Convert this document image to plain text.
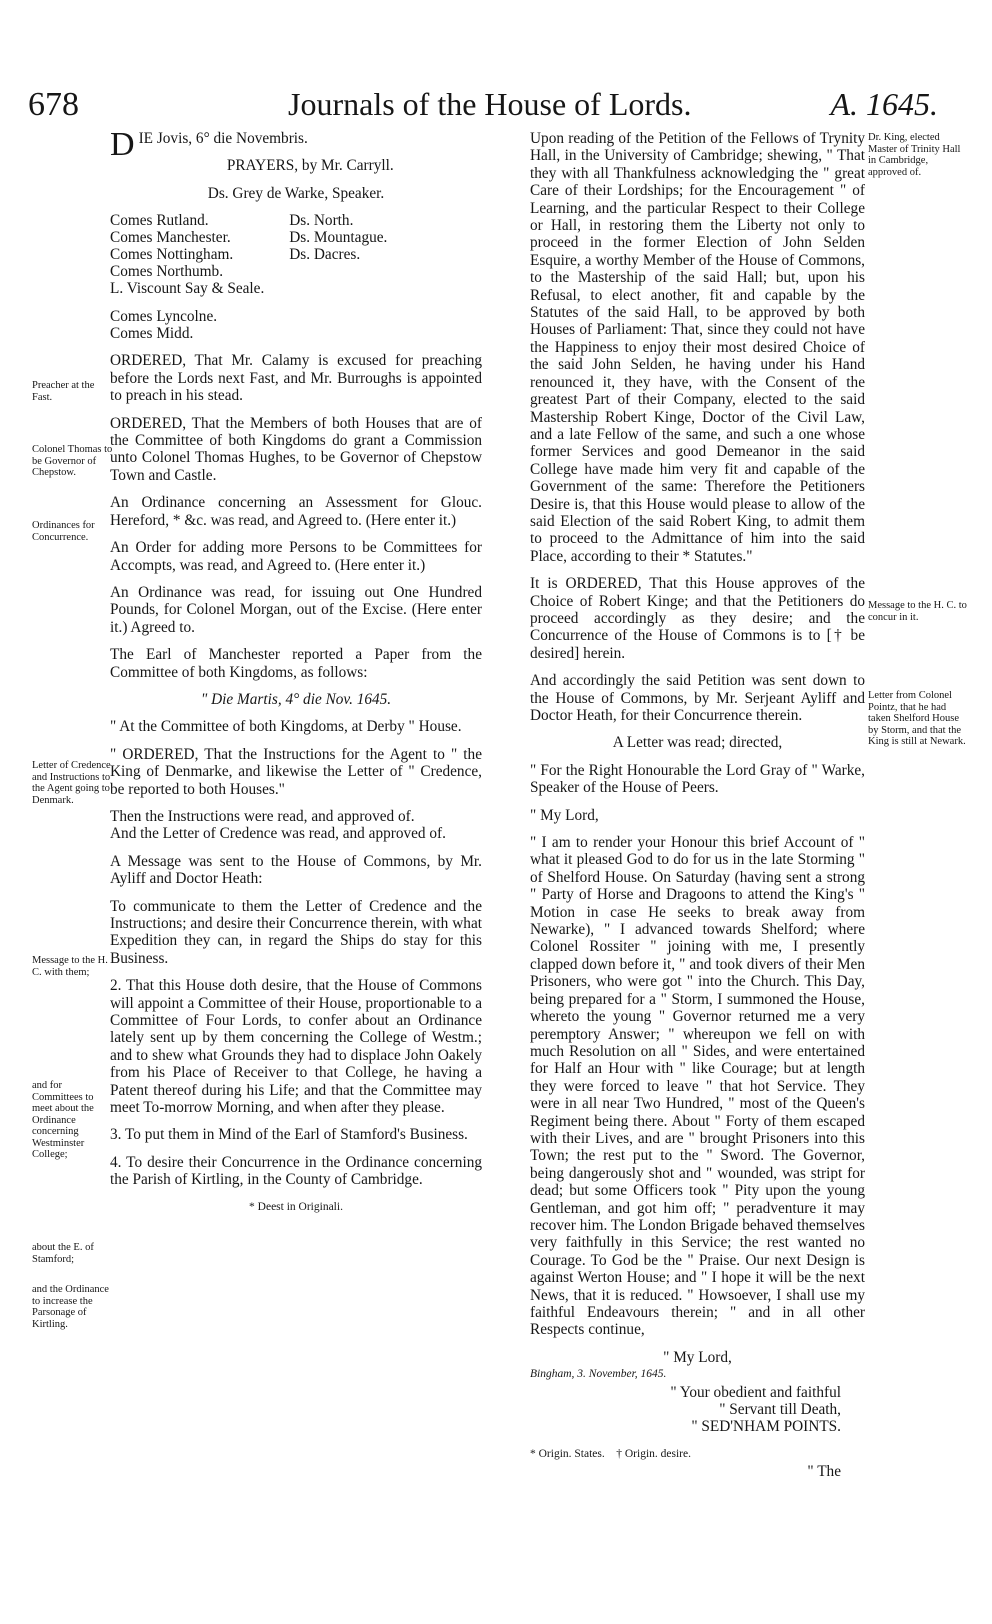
678	Journals of the House of Lords.	A. 1645.
DIE Jovis, 6° die Novembris.
PRAYERS, by Mr. Carryll.
Ds. Grey de Warke, Speaker.
Comes Rutland.
Comes Manchester.
Comes Nottingham.
Comes Northumb.
Ds. North.
Ds. Mountague.
Ds. Dacres.
L. Viscount Say & Seale.
Comes Lyncolne.
Comes Midd.
ORDERED, That Mr. Calamy is excused for preaching before the Lords next Fast, and Mr. Burroughs is appointed to preach in his stead.
ORDERED, That the Members of both Houses that are of the Committee of both Kingdoms do grant a Commission unto Colonel Thomas Hughes, to be Governor of Chepstow Town and Castle.
An Ordinance concerning an Assessment for Glouc. Hereford, * &c. was read, and Agreed to. (Here enter it.)
An Order for adding more Persons to be Committees for Accompts, was read, and Agreed to. (Here enter it.)
An Ordinance was read, for issuing out One Hundred Pounds, for Colonel Morgan, out of the Excise. (Here enter it.) Agreed to.
The Earl of Manchester reported a Paper from the Committee of both Kingdoms, as follows:
" Die Martis, 4° die Nov. 1645.
" At the Committee of both Kingdoms, at Derby " House.
" ORDERED, That the Instructions for the Agent to " the King of Denmarke, and likewise the Letter of " Credence, be reported to both Houses."
Then the Instructions were read, and approved of.
And the Letter of Credence was read, and approved of.
A Message was sent to the House of Commons, by Mr. Ayliff and Doctor Heath:
To communicate to them the Letter of Credence and the Instructions; and desire their Concurrence therein, with what Expedition they can, in regard the Ships do stay for this Business.
2. That this House doth desire, that the House of Commons will appoint a Committee of their House, proportionable to a Committee of Four Lords, to confer about an Ordinance lately sent up by them concerning the College of Westm.; and to shew what Grounds they had to displace John Oakely from his Place of Receiver to that College, he having a Patent thereof during his Life; and that the Committee may meet To-morrow Morning, and when after they please.
3. To put them in Mind of the Earl of Stamford's Business.
4. To desire their Concurrence in the Ordinance concerning the Parish of Kirtling, in the County of Cambridge.
* Deest in Originali.
Preacher at the Fast.
Colonel Thomas to be Governor of Chepstow.
Ordinances for Concurrence.
Letter of Credence and Instructions to the Agent going to Denmark.
Message to the H. C. with them;
and for Committees to meet about the Ordinance concerning Westminster College;
about the E. of Stamford;
and the Ordinance to increase the Parsonage of Kirtling.
Upon reading of the Petition of the Fellows of Trynity Hall, in the University of Cambridge; shewing, " That they with all Thankfulness acknowledging the " great Care of their Lordships; for the Encouragement " of Learning, and the particular Respect to their College or Hall, in restoring them the Liberty not only to proceed in the former Election of John Selden Esquire, a worthy Member of the House of Commons, to the Mastership of the said Hall; but, upon his Refusal, to elect another, fit and capable by the Statutes of the said Hall, to be approved by both Houses of Parliament: That, since they could not have the Happiness to enjoy their most desired Choice of the said John Selden, he having under his Hand renounced it, they have, with the Consent of the greatest Part of their Company, elected to the said Mastership Robert Kinge, Doctor of the Civil Law, and a late Fellow of the same, and such a one whose former Services and good Demeanor in the said College have made him very fit and capable of the Government of the same: Therefore the Petitioners Desire is, that this House would please to allow of the said Election of the said Robert King, to admit them to proceed to the Admittance of him into the said Place, according to their * Statutes."
It is ORDERED, That this House approves of the Choice of Robert Kinge; and that the Petitioners do proceed accordingly as they desire; and the Concurrence of the House of Commons is to [† be desired] herein.
And accordingly the said Petition was sent down to the House of Commons, by Mr. Serjeant Ayliff and Doctor Heath, for their Concurrence therein.
A Letter was read; directed,
" For the Right Honourable the Lord Gray of " Warke, Speaker of the House of Peers.
" My Lord,
" I am to render your Honour this brief Account of " what it pleased God to do for us in the late Storming " of Shelford House. On Saturday (having sent a strong " Party of Horse and Dragoons to attend the King's " Motion in case He seeks to break away from Newarke), " I advanced towards Shelford; where Colonel Rossiter " joining with me, I presently clapped down before it, " and took divers of their Men Prisoners, who were got " into the Church. This Day, being prepared for a " Storm, I summoned the House, whereto the young " Governor returned me a very peremptory Answer; " whereupon we fell on with much Resolution on all " Sides, and were entertained for Half an Hour with " like Courage; but at length they were forced to leave " that hot Service. They were in all near Two Hundred, " most of the Queen's Regiment being there. About " Forty of them escaped with their Lives, and are " brought Prisoners into this Town; the rest put to the " Sword. The Governor, being dangerously shot and " wounded, was stript for dead; but some Officers took " Pity upon the young Gentleman, and got him off; " peradventure it may recover him. The London Brigade behaved themselves very faithfully in this Service; the rest wanted no Courage. To God be the " Praise. Our next Design is against Werton House; and " I hope it will be the next News, that it is reduced. " Howsoever, I shall use my faithful Endeavours therein; " and in all other Respects continue,
" My Lord,
Bingham, 3. November, 1645.
" Your obedient and faithful
" Servant till Death,
" SED'NHAM POINTS.
* Origin. States. † Origin. desire.
" The
Dr. King, elected Master of Trinity Hall in Cambridge, approved of.
Message to the H. C. to concur in it.
Letter from Colonel Pointz, that he had taken Shelford House by Storm, and that the King is still at Newark.
